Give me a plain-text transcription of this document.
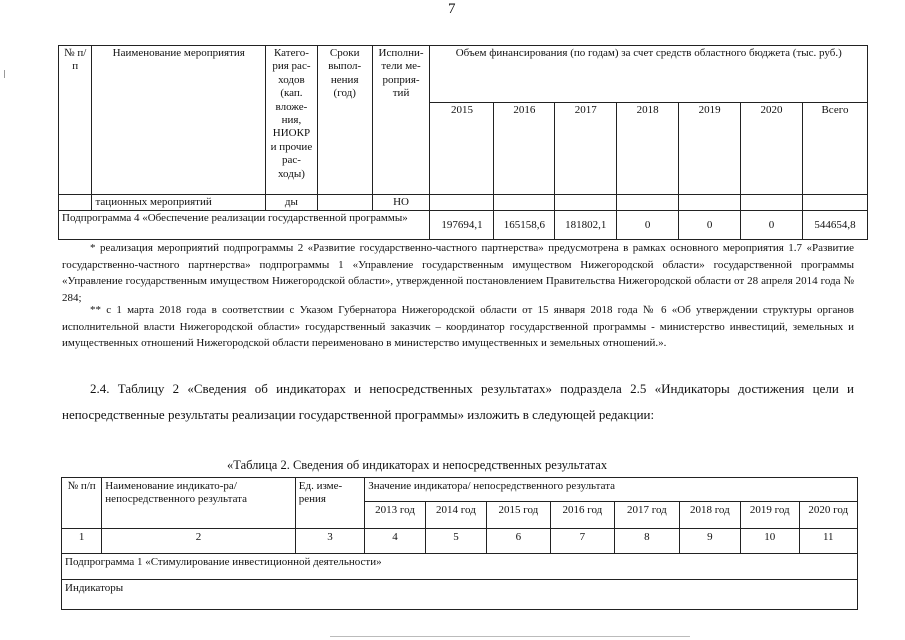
7
№ п/п	Наименование мероприятия	Катего-рия рас-ходов (кап. вложе-ния, НИОКР и прочие рас-ходы)	Сроки выпол-нения (год)	Исполни-тели ме-роприя-тий	Объем финансирования (по годам) за счет средств областного бюджета (тыс. руб.)						
					2015	2016	2017	2018	2019	2020	Всего
	тационных мероприятий	ды		НО							
Подпрограмма 4 «Обеспечение реализации государственной программы»					197694,1	165158,6	181802,1	0	0	0	544654,8
* реализация мероприятий подпрограммы 2 «Развитие государственно-частного партнерства» предусмотрена в рамках основного мероприятия 1.7 «Развитие государственно-частного партнерства» подпрограммы 1 «Управление государственным имуществом Нижегородской области» государственной программы «Управление государственным имуществом Нижегородской области», утвержденной постановлением Правительства Нижегородской области от 28 апреля 2014 года № 284;
** с 1 марта 2018 года в соответствии с Указом Губернатора Нижегородской области от 15 января 2018 года № 6 «Об утверждении структуры органов исполнительной власти Нижегородской области» государственный заказчик – координатор государственной программы - министерство инвестиций, земельных и имущественных отношений Нижегородской области переименовано в министерство имущественных и земельных отношений.».
2.4. Таблицу 2 «Сведения об индикаторах и непосредственных результатах» подраздела 2.5 «Индикаторы достижения цели и непосредственные результаты реализации государственной программы» изложить в следующей редакции:
«Таблица 2. Сведения об индикаторах и непосредственных результатах
№ п/п	Наименование индикато-ра/непосредственного результата	Ед. изме-рения	Значение индикатора/ непосредственного результата							
			2013 год	2014 год	2015 год	2016 год	2017 год	2018 год	2019 год	2020 год
1	2	3	4	5	6	7	8	9	10	11
Подпрограмма 1 «Стимулирование инвестиционной деятельности»										
Индикаторы										
